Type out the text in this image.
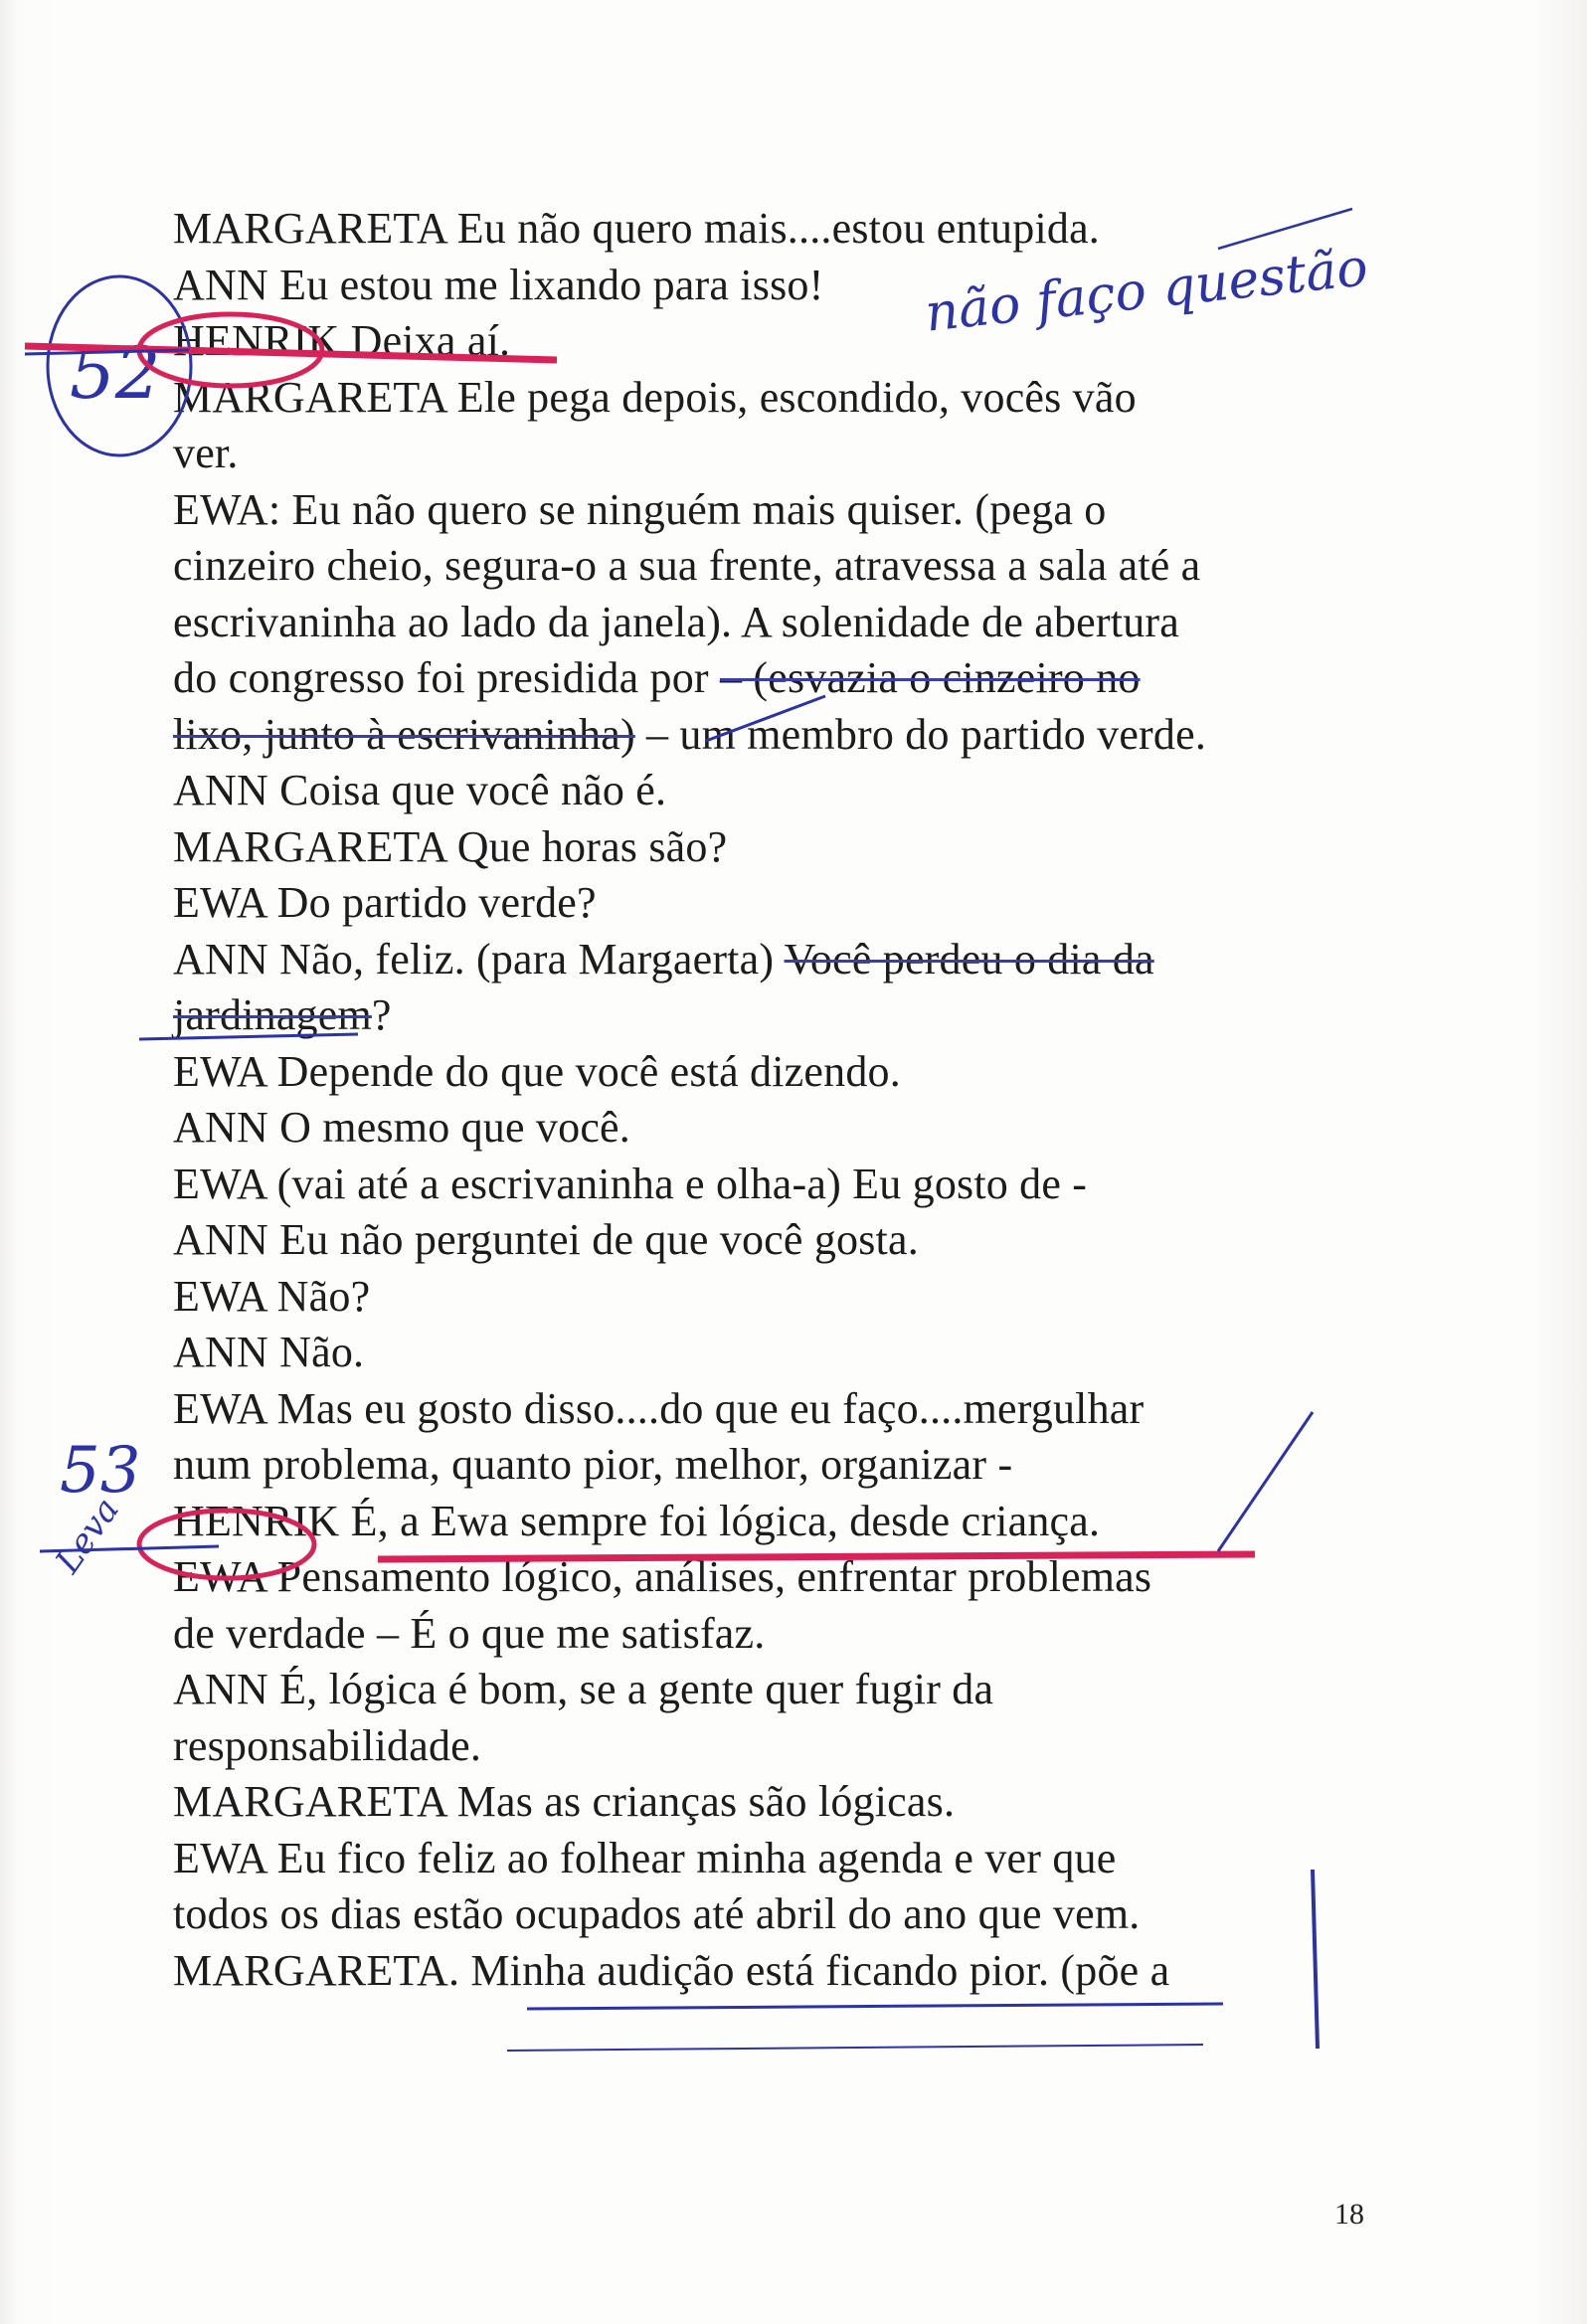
MARGARETA Eu não quero mais....estou entupida.
ANN Eu estou me lixando para isso!
HENRIK Deixa aí.
MARGARETA Ele pega depois, escondido, vocês vão
ver.
EWA: Eu não quero se ninguém mais quiser. (pega o
cinzeiro cheio, segura-o a sua frente, atravessa a sala até a
escrivaninha ao lado da janela). A solenidade de abertura
do congresso foi presidida por – (esvazia o cinzeiro no
lixo, junto à escrivaninha) – um membro do partido verde.
ANN Coisa que você não é.
MARGARETA Que horas são?
EWA Do partido verde?
ANN Não, feliz. (para Margaerta) Você perdeu o dia da
jardinagem?
EWA Depende do que você está dizendo.
ANN O mesmo que você.
EWA (vai até a escrivaninha e olha-a) Eu gosto de -
ANN Eu não perguntei de que você gosta.
EWA Não?
ANN Não.
EWA Mas eu gosto disso....do que eu faço....mergulhar
num problema, quanto pior, melhor, organizar -
HENRIK É, a Ewa sempre foi lógica, desde criança.
EWA Pensamento lógico, análises, enfrentar problemas
de verdade – É o que me satisfaz.
ANN É, lógica é bom, se a gente quer fugir da
responsabilidade.
MARGARETA Mas as crianças são lógicas.
EWA Eu fico feliz ao folhear minha agenda e ver que
todos os dias estão ocupados até abril do ano que vem.
MARGARETA. Minha audição está ficando pior. (põe a
18
não faço questão
52
53
Leva
